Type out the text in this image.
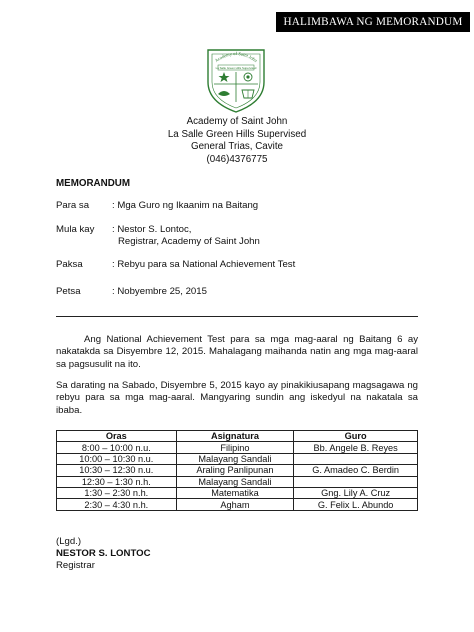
HALIMBAWA NG MEMORANDUM
Academy of Saint John
La Salle Green Hills Supervised
Academy of Saint John
La Salle Green Hills Supervised
General Trias, Cavite
(046)4376775
MEMORANDUM
Para sa : Mga Guro ng Ikaanim na Baitang
Mula kay : Nestor S. Lontoc,
Registrar, Academy of Saint John
Paksa	: Rebyu para sa National Achievement Test
Petsa	: Nobyembre 25, 2015

Ang National Achievement Test para sa mga mag-aaral ng Baitang 6 ay nakatakda sa Disyembre 12, 2015. Mahalagang maihanda natin ang mga mag-aaral sa pagsusulit na ito.

Sa darating na Sabado, Disyembre 5, 2015 kayo ay pinakikiusapang magsagawa ng rebyu para sa mga mag-aaral. Mangyaring sundin ang iskedyul na nakatala sa ibaba.

Oras	Asignatura	Guro
8:00 – 10:00 n.u.	Filipino	Bb. Angele B. Reyes
10:00 – 10:30 n.u.	Malayang Sandali	
10:30 – 12:30 n.u.	Araling Panlipunan	G. Amadeo C. Berdin
12:30 – 1:30 n.h.	Malayang Sandali	
1:30 – 2:30 n.h.	Matematika	Gng. Lily A. Cruz
2:30 – 4:30 n.h.	Agham	G. Felix L. Abundo
(Lgd.)
NESTOR S. LONTOC
Registrar
